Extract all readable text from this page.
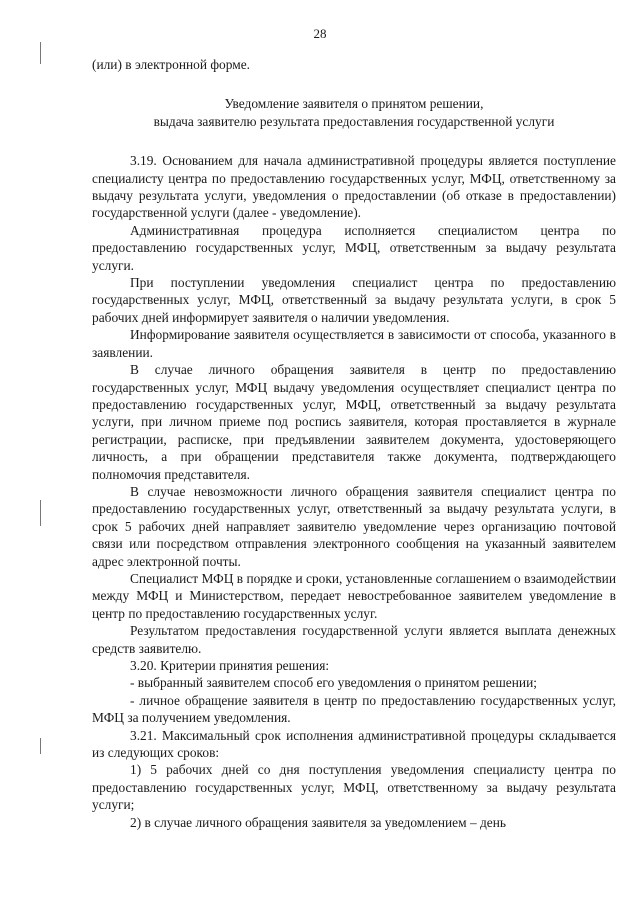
28

(или) в электронной форме.

Уведомление заявителя о принятом решении,
выдача заявителю результата предоставления государственной услуги

3.19. Основанием для начала административной процедуры является поступление специалисту центра по предоставлению государственных услуг, МФЦ, ответственному за выдачу результата услуги, уведомления о предоставлении (об отказе в предоставлении) государственной услуги (далее - уведомление).

Административная процедура исполняется специалистом центра по предоставлению государственных услуг, МФЦ, ответственным за выдачу результата услуги.

При поступлении уведомления специалист центра по предоставлению государственных услуг, МФЦ, ответственный за выдачу результата услуги, в срок 5 рабочих дней информирует заявителя о наличии уведомления.

Информирование заявителя осуществляется в зависимости от способа, указанного в заявлении.

В случае личного обращения заявителя в центр по предоставлению государственных услуг, МФЦ выдачу уведомления осуществляет специалист центра по предоставлению государственных услуг, МФЦ, ответственный за выдачу результата услуги, при личном приеме под роспись заявителя, которая проставляется в журнале регистрации, расписке, при предъявлении заявителем документа, удостоверяющего личность, а при обращении представителя также документа, подтверждающего полномочия представителя.

В случае невозможности личного обращения заявителя специалист центра по предоставлению государственных услуг, ответственный за выдачу результата услуги, в срок 5 рабочих дней направляет заявителю уведомление через организацию почтовой связи или посредством отправления электронного сообщения на указанный заявителем адрес электронной почты.

Специалист МФЦ в порядке и сроки, установленные соглашением о взаимодействии между МФЦ и Министерством, передает невостребованное заявителем уведомление в центр по предоставлению государственных услуг.

Результатом предоставления государственной услуги является выплата денежных средств заявителю.

3.20. Критерии принятия решения:

- выбранный заявителем способ его уведомления о принятом решении;

- личное обращение заявителя в центр по предоставлению государственных услуг, МФЦ за получением уведомления.

3.21. Максимальный срок исполнения административной процедуры складывается из следующих сроков:

1) 5 рабочих дней со дня поступления уведомления специалисту центра по предоставлению государственных услуг, МФЦ, ответственному за выдачу результата услуги;

2) в случае личного обращения заявителя за уведомлением – день
